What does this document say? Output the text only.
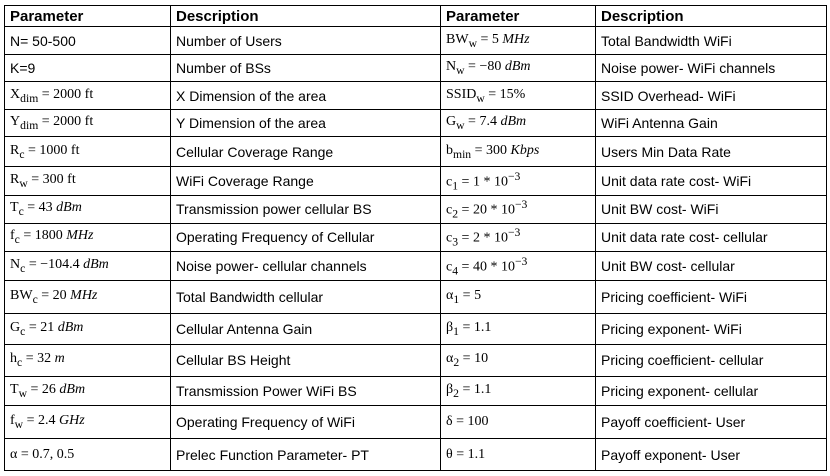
Parameter	Description	Parameter	Description
N= 50-500	Number of Users	$BW_w = 5$ MHz	Total Bandwidth WiFi
K=9	Number of BSs	$N_w = -80$ dBm	Noise power- WiFi channels
$X_{dim} = 2000$ ft	X Dimension of the area	$SSID_w = 15\%$	SSID Overhead- WiFi
$Y_{dim} = 2000$ ft	Y Dimension of the area	$G_w = 7.4$ dBm	WiFi Antenna Gain
$R_c = 1000$ ft	Cellular Coverage Range	$b_{min} = 300$ Kbps	Users Min Data Rate
$R_w = 300$ ft	WiFi Coverage Range	$c_1 = 1 * 10^{-3}$	Unit data rate cost- WiFi
$T_c = 43$ dBm	Transmission power cellular BS	$c_2 = 20 * 10^{-3}$	Unit BW cost- WiFi
$f_c = 1800$ MHz	Operating Frequency of Cellular	$c_3 = 2 * 10^{-3}$	Unit data rate cost- cellular
$N_c = -104.4$ dBm	Noise power- cellular channels	$c_4 = 40 * 10^{-3}$	Unit BW cost- cellular
$BW_c = 20$ MHz	Total Bandwidth cellular	$\alpha_1 = 5$	Pricing coefficient- WiFi
$G_c = 21$ dBm	Cellular Antenna Gain	$\beta_1 = 1.1$	Pricing exponent- WiFi
$h_c = 32$ m	Cellular BS Height	$\alpha_2 = 10$	Pricing coefficient- cellular
$T_w = 26$ dBm	Transmission Power WiFi BS	$\beta_2 = 1.1$	Pricing exponent- cellular
$f_w = 2.4$ GHz	Operating Frequency of WiFi	δ = 100	Payoff coefficient- User
α = 0.7, 0.5	Prelec Function Parameter- PT	θ = 1.1	Payoff exponent- User
